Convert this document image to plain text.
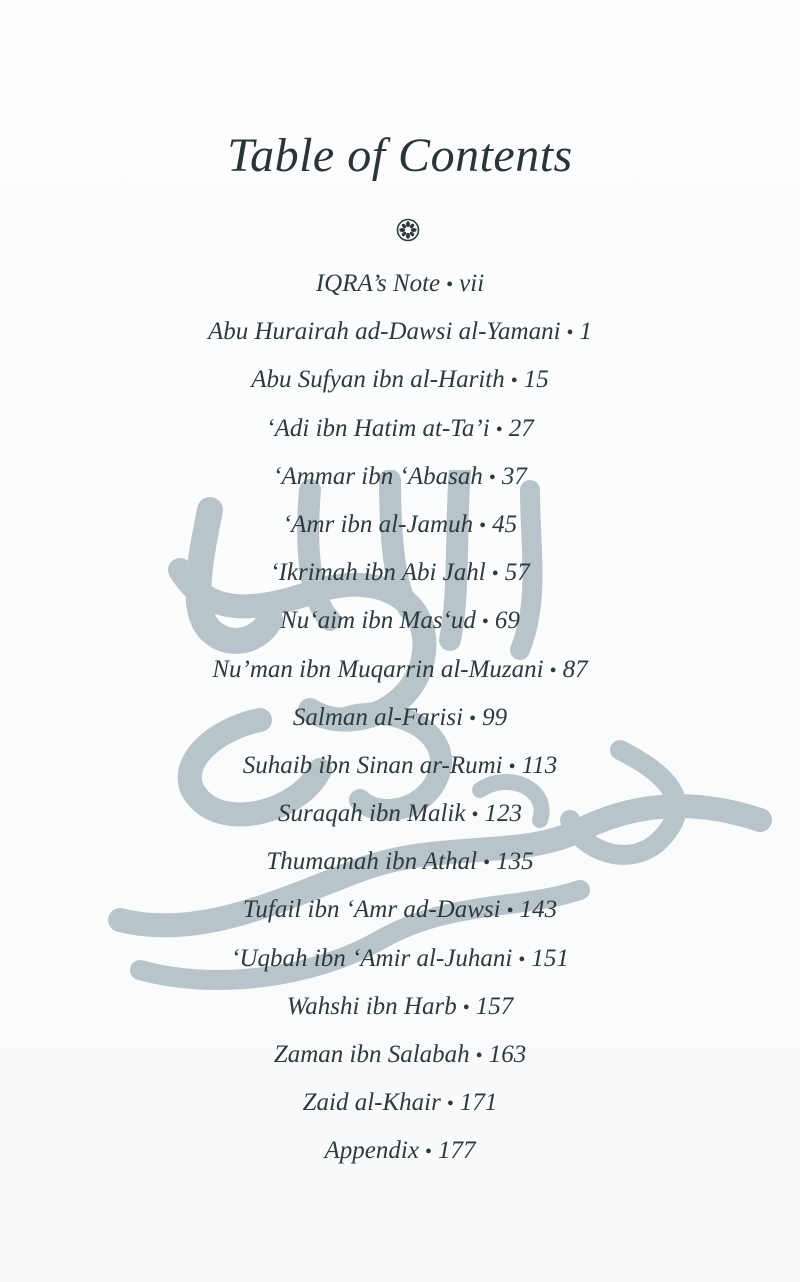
Table of Contents
IQRA’s Note • vii
Abu Hurairah ad-Dawsi al-Yamani • 1
Abu Sufyan ibn al-Harith • 15
‘Adi ibn Hatim at-Ta’i • 27
‘Ammar ibn ‘Abasah • 37
‘Amr ibn al-Jamuh • 45
‘Ikrimah ibn Abi Jahl • 57
Nu‘aim ibn Mas‘ud • 69
Nu’man ibn Muqarrin al-Muzani • 87
Salman al-Farisi • 99
Suhaib ibn Sinan ar-Rumi • 113
Suraqah ibn Malik • 123
Thumamah ibn Athal • 135
Tufail ibn ‘Amr ad-Dawsi • 143
‘Uqbah ibn ‘Amir al-Juhani • 151
Wahshi ibn Harb • 157
Zaman ibn Salabah • 163
Zaid al-Khair • 171
Appendix • 177
